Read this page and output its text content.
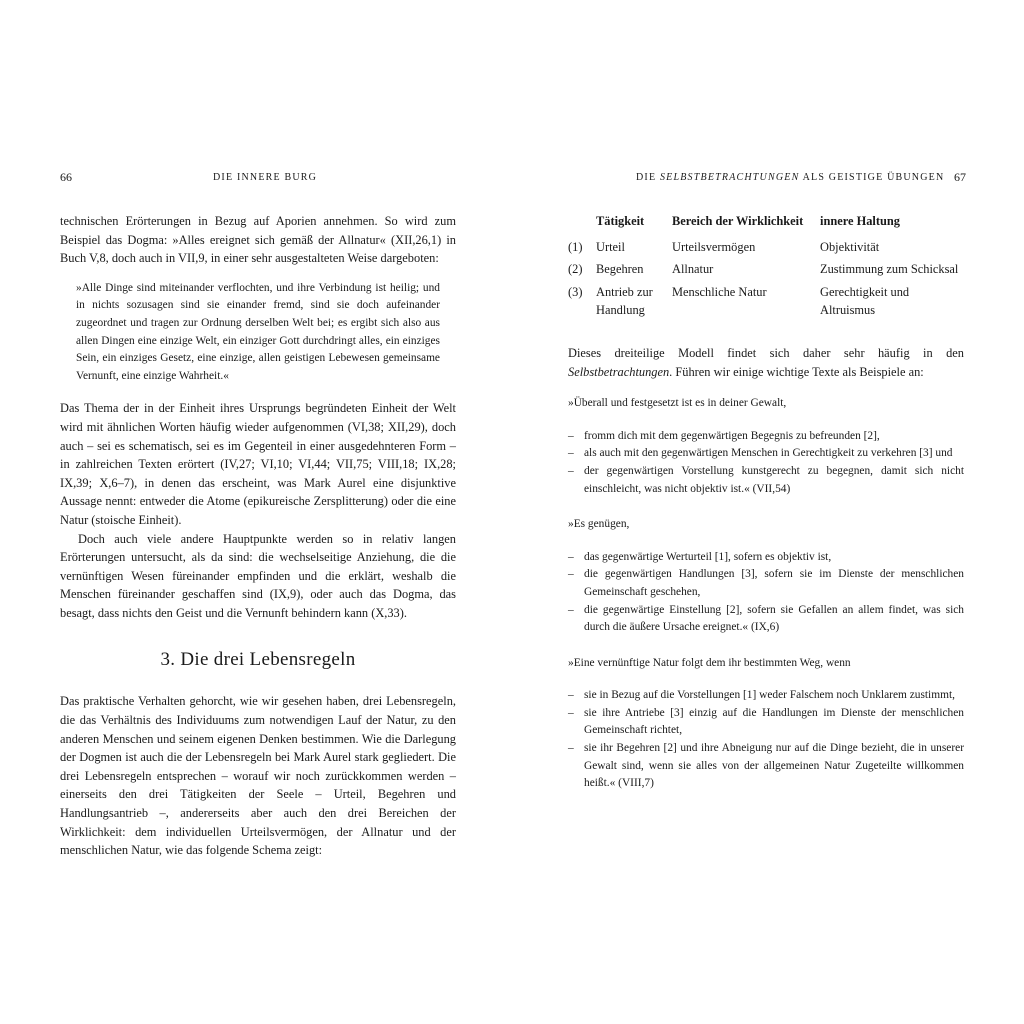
66	DIE INNERE BURG

technischen Erörterungen in Bezug auf Aporien annehmen. So wird zum Beispiel das Dogma: »Alles ereignet sich gemäß der Allnatur« (XII,26,1) in Buch V,8, doch auch in VII,9, in einer sehr ausgestalteten Weise dargeboten:

»Alle Dinge sind miteinander verflochten, und ihre Verbindung ist heilig; und in nichts sozusagen sind sie einander fremd, sind sie doch aufeinander zugeordnet und tragen zur Ordnung derselben Welt bei; es ergibt sich also aus allen Dingen eine einzige Welt, ein einziger Gott durchdringt alles, ein einziges Sein, ein einziges Gesetz, eine einzige, allen geistigen Lebewesen gemeinsame Vernunft, eine einzige Wahrheit.«

Das Thema der in der Einheit ihres Ursprungs begründeten Einheit der Welt wird mit ähnlichen Worten häufig wieder aufgenommen (VI,38; XII,29), doch auch – sei es schematisch, sei es im Gegenteil in einer ausgedehnteren Form – in zahlreichen Texten erörtert (IV,27; VI,10; VI,44; VII,75; VIII,18; IX,28; IX,39; X,6–7), in denen das erscheint, was Mark Aurel eine disjunktive Aussage nennt: entweder die Atome (epikureische Zersplitterung) oder die eine Natur (stoische Einheit).

Doch auch viele andere Hauptpunkte werden so in relativ langen Erörterungen untersucht, als da sind: die wechselseitige Anziehung, die die vernünftigen Wesen füreinander empfinden und die erklärt, weshalb die Menschen füreinander geschaffen sind (IX,9), oder auch das Dogma, das besagt, dass nichts den Geist und die Vernunft behindern kann (X,33).

3. Die drei Lebensregeln

Das praktische Verhalten gehorcht, wie wir gesehen haben, drei Lebensregeln, die das Verhältnis des Individuums zum notwendigen Lauf der Natur, zu den anderen Menschen und seinem eigenen Denken bestimmen. Wie die Darlegung der Dogmen ist auch die der Lebensregeln bei Mark Aurel stark gegliedert. Die drei Lebensregeln entsprechen – worauf wir noch zurückkommen werden – einerseits den drei Tätigkeiten der Seele – Urteil, Begehren und Handlungsantrieb –, andererseits aber auch den drei Bereichen der Wirklichkeit: dem individuellen Urteilsvermögen, der Allnatur und der menschlichen Natur, wie das folgende Schema zeigt:

DIE SELBSTBETRACHTUNGEN ALS GEISTIGE ÜBUNGEN 67
	Tätigkeit	Bereich der Wirklichkeit	innere Haltung
(1)	Urteil	Urteilsvermögen	Objektivität
(2)	Begehren	Allnatur	Zustimmung zum Schicksal
(3)	Antrieb zur Handlung	Menschliche Natur	Gerechtigkeit und Altruismus

Dieses dreiteilige Modell findet sich daher sehr häufig in den Selbstbetrachtungen. Führen wir einige wichtige Texte als Beispiele an:

»Überall und festgesetzt ist es in deiner Gewalt,

– fromm dich mit dem gegenwärtigen Begegnis zu befreunden [2],
– als auch mit den gegenwärtigen Menschen in Gerechtigkeit zu verkehren [3] und
– der gegenwärtigen Vorstellung kunstgerecht zu begegnen, damit sich nicht einschleicht, was nicht objektiv ist.« (VII,54)

»Es genügen,

– das gegenwärtige Werturteil [1], sofern es objektiv ist,
– die gegenwärtigen Handlungen [3], sofern sie im Dienste der menschlichen Gemeinschaft geschehen,
– die gegenwärtige Einstellung [2], sofern sie Gefallen an allem findet, was sich durch die äußere Ursache ereignet.« (IX,6)

»Eine vernünftige Natur folgt dem ihr bestimmten Weg, wenn

– sie in Bezug auf die Vorstellungen [1] weder Falschem noch Unklarem zustimmt,
– sie ihre Antriebe [3] einzig auf die Handlungen im Dienste der menschlichen Gemeinschaft richtet,
– sie ihr Begehren [2] und ihre Abneigung nur auf die Dinge bezieht, die in unserer Gewalt sind, wenn sie alles von der allgemeinen Natur Zugeteilte willkommen heißt.« (VIII,7)
